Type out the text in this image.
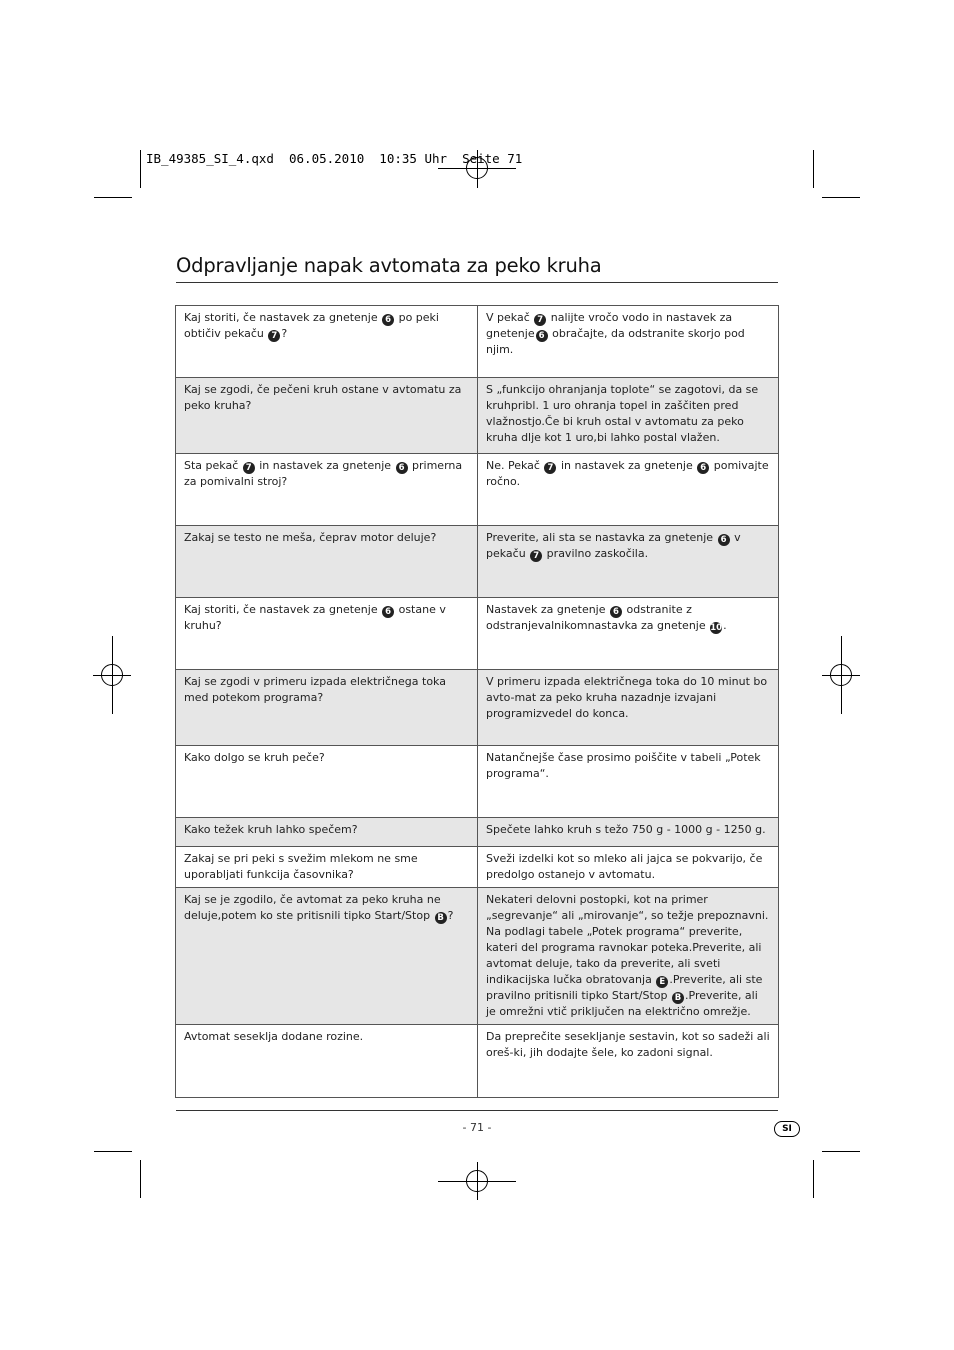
IB_49385_SI_4.qxd  06.05.2010  10:35 Uhr  Seite 71
Odpravljanje napak avtomata za peko kruha
Kaj storiti, če nastavek za gnetenje 6 po peki obtičiv pekaču 7 ?	V pekač 7 nalijte vročo vodo in nastavek za gnetenje 6 obračajte, da odstranite skorjo pod njim.
Kaj se zgodi, če pečeni kruh ostane v avtomatu za peko kruha?	S „funkcijo ohranjanja toplote“ se zagotovi, da se kruhpribl. 1 uro ohranja topel in zaščiten pred vlažnostjo.Če bi kruh ostal v avtomatu za peko kruha dlje kot 1 uro,bi lahko postal vlažen.
Sta pekač 7 in nastavek za gnetenje 6 primerna za pomivalni stroj?	Ne. Pekač 7 in nastavek za gnetenje 6 pomivajte ročno.
Zakaj se testo ne meša, čeprav motor deluje?	Preverite, ali sta se nastavka za gnetenje 6 v pekaču 7 pravilno zaskočila.
Kaj storiti, če nastavek za gnetenje 6 ostane v kruhu?	Nastavek za gnetenje 6 odstranite z odstranjevalnikomnastavka za gnetenje 10.
Kaj se zgodi v primeru izpada električnega toka med potekom programa?	V primeru izpada električnega toka do 10 minut bo avto-mat za peko kruha nazadnje izvajani programizvedel do konca.
Kako dolgo se kruh peče?	Natančnejše čase prosimo poiščite v tabeli „Potek programa“.
Kako težek kruh lahko spečem?	Spečete lahko kruh s težo 750 g - 1000 g - 1250 g.
Zakaj se pri peki s svežim mlekom ne sme uporabljati funkcija časovnika?	Sveži izdelki kot so mleko ali jajca se pokvarijo, če predolgo ostanejo v avtomatu.
Kaj se je zgodilo, če avtomat za peko kruha ne deluje,potem ko ste pritisnili tipko Start/Stop B ?	Nekateri delovni postopki, kot na primer „segrevanje“ ali „mirovanje“, so težje prepoznavni. Na podlagi tabele „Potek programa“ preverite, kateri del programa ravnokar poteka.Preverite, ali avtomat deluje, tako da preverite, ali sveti indikacijska lučka obratovanja E .Preverite, ali ste pravilno pritisnili tipko Start/Stop B .Preverite, ali je omrežni vtič priključen na električno omrežje.
Avtomat seseklja dodane rozine.	Da preprečite sesekljanje sestavin, kot so sadeži ali oreš-ki, jih dodajte šele, ko zadoni signal.
- 71 -	SI
